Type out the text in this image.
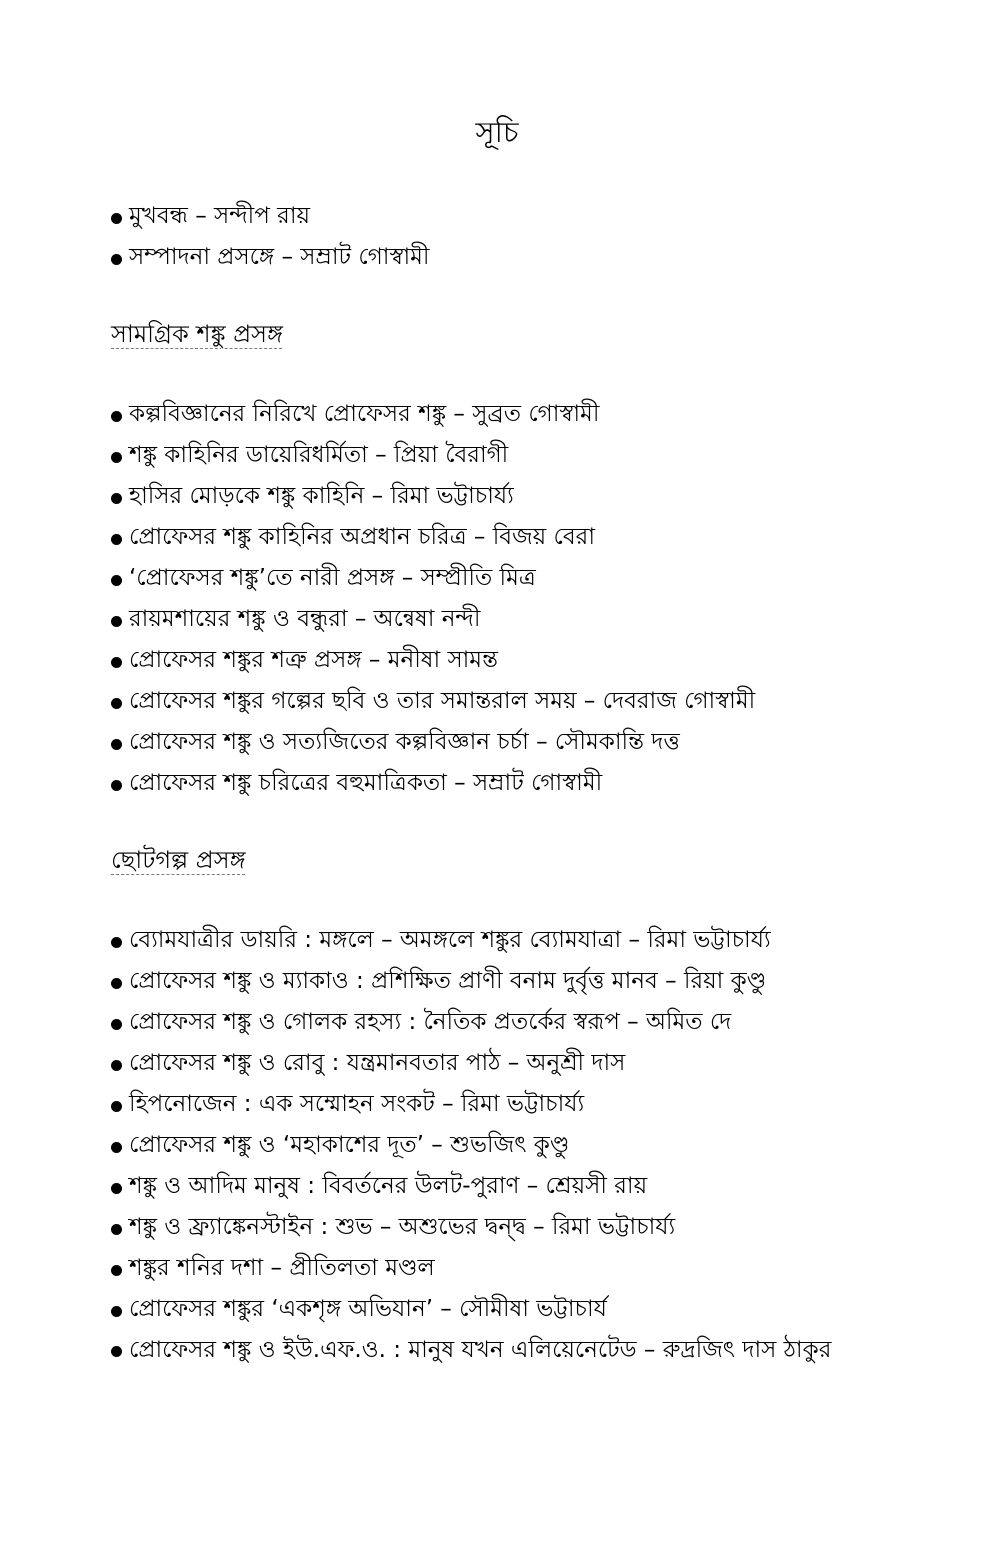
সূচি
মুখবন্ধ – সন্দীপ রায়
সম্পাদনা প্রসঙ্গে – সম্রাট গোস্বামী
সামগ্রিক শঙ্কু প্রসঙ্গ
কল্পবিজ্ঞানের নিরিখে প্রোফেসর শঙ্কু – সুব্রত গোস্বামী
শঙ্কু কাহিনির ডায়েরিধর্মিতা – প্রিয়া বৈরাগী
হাসির মোড়কে শঙ্কু কাহিনি – রিমা ভট্টাচার্য্য
প্রোফেসর শঙ্কু কাহিনির অপ্রধান চরিত্র – বিজয় বেরা
‘প্রোফেসর শঙ্কু’তে নারী প্রসঙ্গ – সম্প্রীতি মিত্র
রায়মশায়ের শঙ্কু ও বন্ধুরা – অন্বেষা নন্দী
প্রোফেসর শঙ্কুর শত্রু প্রসঙ্গ – মনীষা সামন্ত
প্রোফেসর শঙ্কুর গল্পের ছবি ও তার সমান্তরাল সময় – দেবরাজ গোস্বামী
প্রোফেসর শঙ্কু ও সত্যজিতের কল্পবিজ্ঞান চর্চা – সৌমকান্তি দত্ত
প্রোফেসর শঙ্কু চরিত্রের বহুমাত্রিকতা – সম্রাট গোস্বামী
ছোটগল্প প্রসঙ্গ
ব্যোমযাত্রীর ডায়রি : মঙ্গলে – অমঙ্গলে শঙ্কুর ব্যোমযাত্রা – রিমা ভট্টাচার্য্য
প্রোফেসর শঙ্কু ও ম্যাকাও : প্রশিক্ষিত প্রাণী বনাম দুর্বৃত্ত মানব – রিয়া কুণ্ডু
প্রোফেসর শঙ্কু ও গোলক রহস্য : নৈতিক প্রতর্কের স্বরূপ – অমিত দে
প্রোফেসর শঙ্কু ও রোবু : যন্ত্রমানবতার পাঠ – অনুশ্রী দাস
হিপনোজেন : এক সম্মোহন সংকট – রিমা ভট্টাচার্য্য
প্রোফেসর শঙ্কু ও ‘মহাকাশের দূত’ – শুভজিৎ কুণ্ডু
শঙ্কু ও আদিম মানুষ : বিবর্তনের উলট-পুরাণ – শ্রেয়সী রায়
শঙ্কু ও ফ্র্যাঙ্কেনস্টাইন : শুভ – অশুভের দ্বন্দ্ব – রিমা ভট্টাচার্য্য
শঙ্কুর শনির দশা – প্রীতিলতা মণ্ডল
প্রোফেসর শঙ্কুর ‘একশৃঙ্গ অভিযান’ – সৌমীষা ভট্টাচার্য
প্রোফেসর শঙ্কু ও ইউ.এফ.ও. : মানুষ যখন এলিয়েনেটেড – রুদ্রজিৎ দাস ঠাকুর
